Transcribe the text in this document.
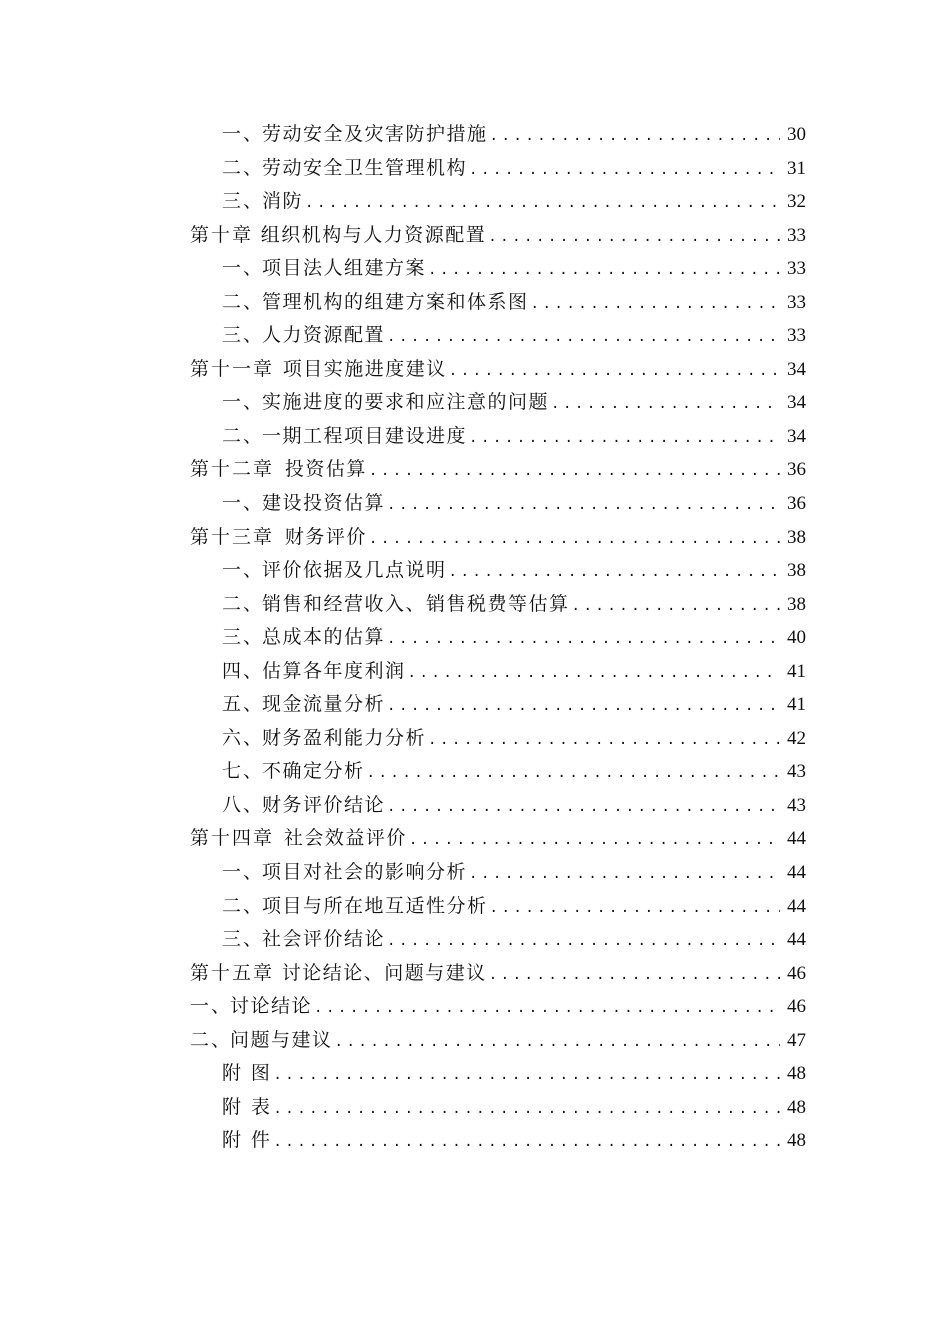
一 、 劳动安全及灾害防护措施 .....	30
二 、 劳动安全卫生管理机构 .....	31
三 、 消防 .....	32
第十章 组织机构与人力资源配置 .....	33
一 、 项目法人组建方案 .....	33
二 、 管理机构的组建方案和体系图 .....	33
三 、 人力资源配置 .....	33
第十一章 项目实施进度建议 .....	34
一 、 实施进度的要求和应注意的问题 .....	34
二 、 一期工程项目建设进度 .....	34
第十二章 投资估算 .....	36
一 、 建设投资估算 .....	36
第十三章 财务评价 .....	38
一 、 评价依据及几点说明 .....	38
二 、 销售和经营收入、销售税费等估算 .....	38
三 、 总成本的估算 .....	40
四 、 估算各年度利润 .....	41
五 、 现金流量分析 .....	41
六 、 财务盈利能力分析 .....	42
七 、 不确定分析 .....	43
八 、 财务评价结论 .....	43
第十四章 社会效益评价 .....	44
一 、 项目对社会的影响分析 .....	44
二 、 项目与所在地互适性分析 .....	44
三 、 社会评价结论 .....	44
第十五章 讨论结论、问题与建议 .....	46
一 、 讨论结论 .....	46
二 、 问题与建议 .....	47
附 图 .....	48
附 表 .....	48
附 件 .....	48
